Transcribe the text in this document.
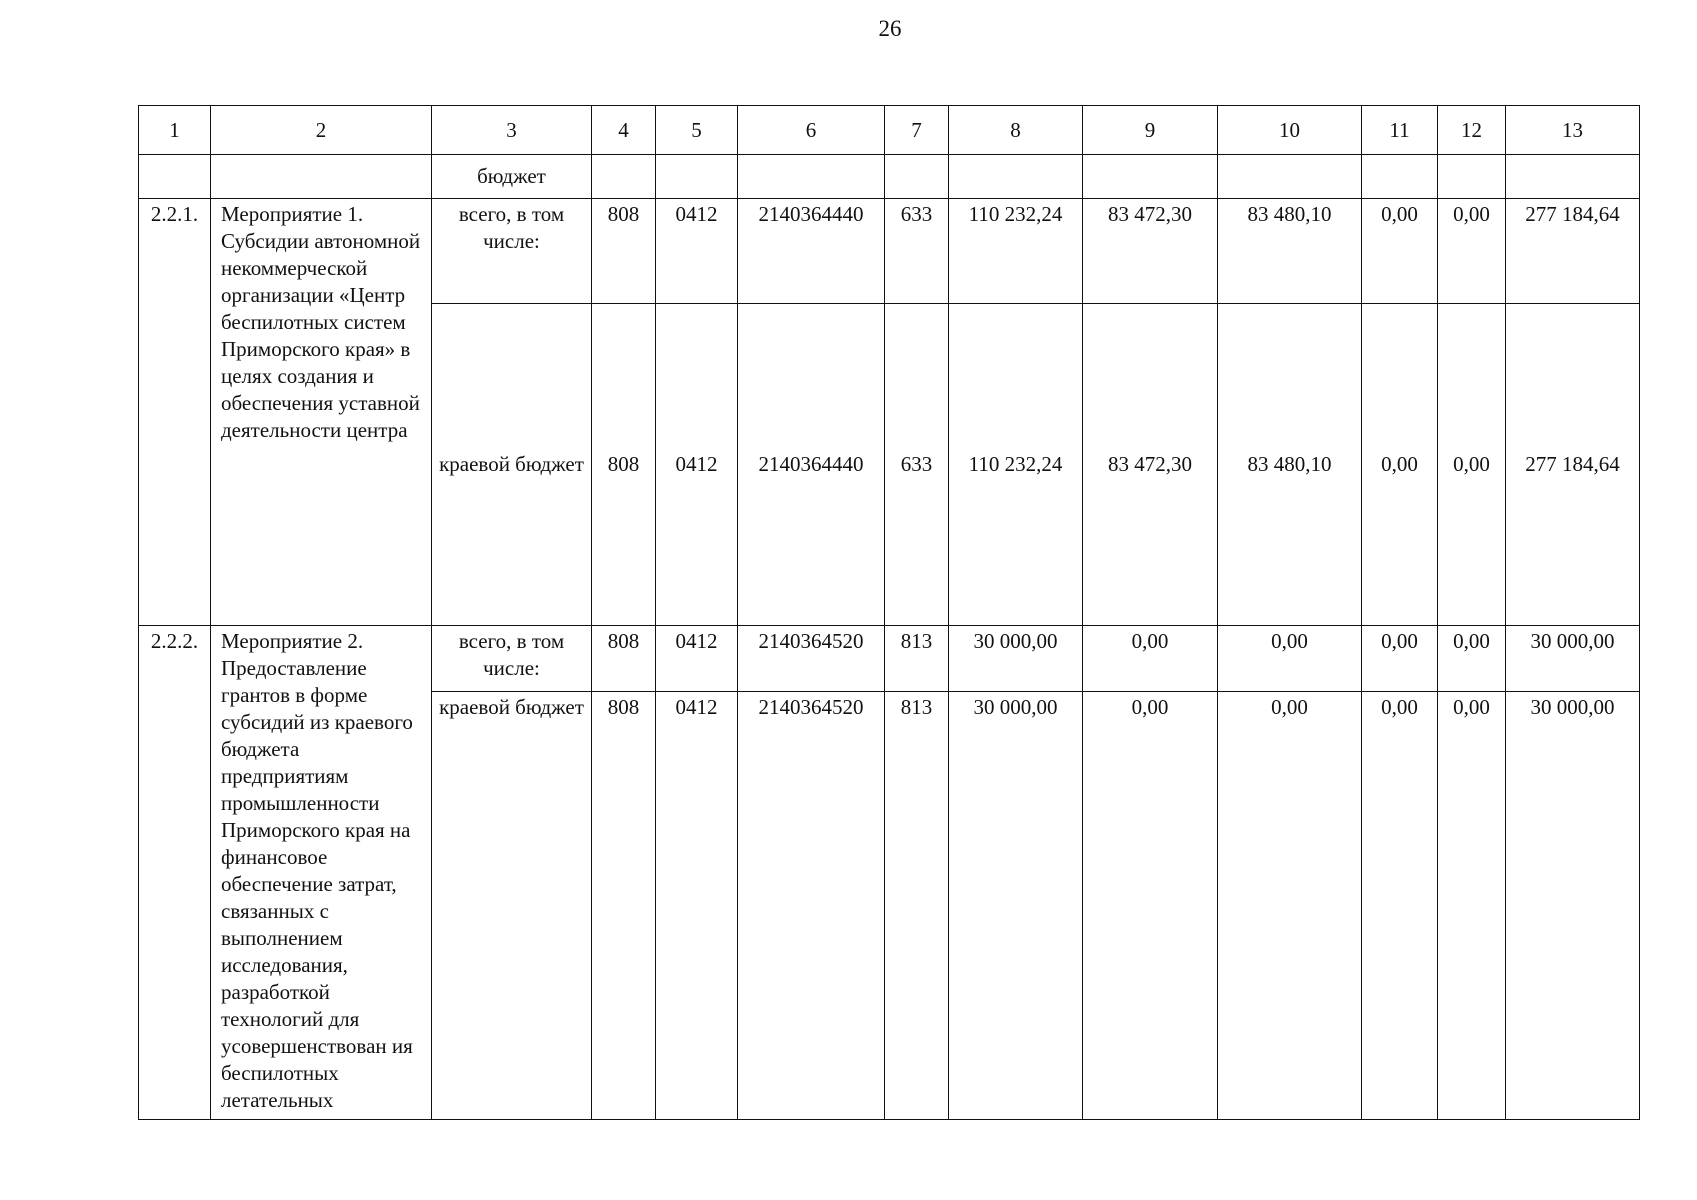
26
1	2	3	4	5	6	7	8	9	10	11	12	13
		бюджет										
2.2.1.	Мероприятие 1. Субсидии автономной некоммерческой организации «Центр беспилотных систем Приморского края» в целях создания и обеспечения уставной деятельности центра	всего, в том числе:	808	0412	2140364440	633	110 232,24	83 472,30	83 480,10	0,00	0,00	277 184,64
		краевой бюджет	808	0412	2140364440	633	110 232,24	83 472,30	83 480,10	0,00	0,00	277 184,64
2.2.2.	Мероприятие 2. Предоставление грантов в форме субсидий из краевого бюджета предприятиям промышленности Приморского края на финансовое обеспечение затрат, связанных с выполнением исследования, разработкой технологий для усовершенствован ия беспилотных летательных	всего, в том числе:	808	0412	2140364520	813	30 000,00	0,00	0,00	0,00	0,00	30 000,00
		краевой бюджет	808	0412	2140364520	813	30 000,00	0,00	0,00	0,00	0,00	30 000,00
